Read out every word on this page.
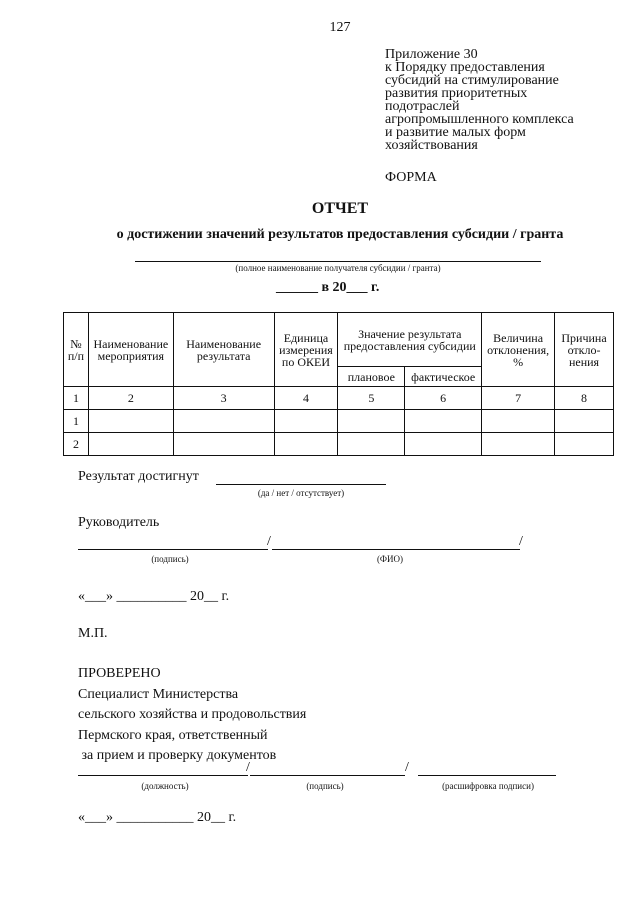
127
Приложение 30
к Порядку предоставления
субсидий на стимулирование
развития приоритетных
подотраслей
агропромышленного комплекса
и развитие малых форм
хозяйствования
ФОРМА
ОТЧЕТ
о достижении значений результатов предоставления субсидии / гранта
(полное наименование получателя субсидии / гранта)
______ в 20___ г.
№ п/п	Наименование мероприятия	Наименование результата	Единица измерения по ОКЕИ	Значение результата предоставления субсидии		Величина отклонения, %	Причина откло-нения
				плановое	фактическое		
1	2	3	4	5	6	7	8
1							
2							
Результат достигнут
(да / нет / отсутствует)
Руководитель
/	/
(подпись)	(ФИО)
«___» __________ 20__ г.
М.П.
ПРОВЕРЕНО
Специалист Министерства
сельского хозяйства и продовольствия
Пермского края, ответственный
за прием и проверку документов
/	/
(должность)	(подпись)	(расшифровка подписи)
«___» ___________ 20__ г.
